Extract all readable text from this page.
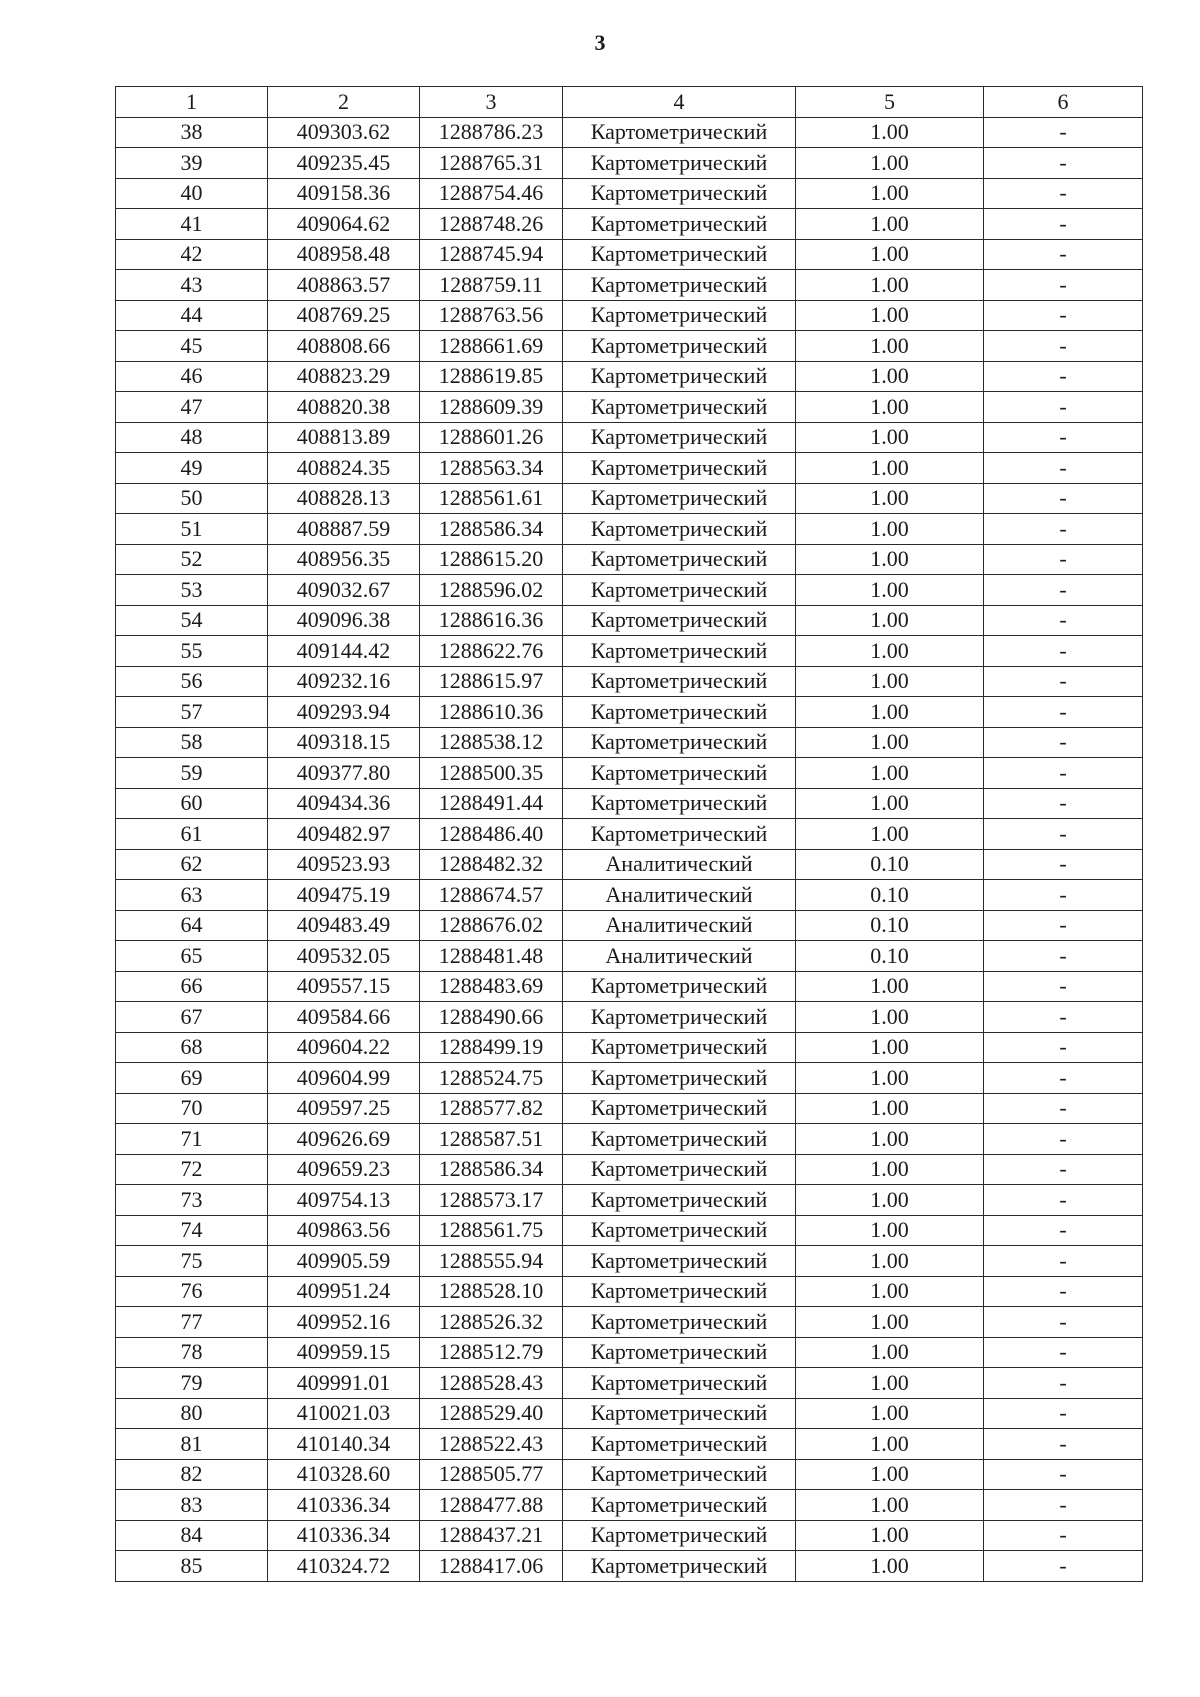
3
1	2	3	4	5	6
38	409303.62	1288786.23	Картометрический	1.00	-
39	409235.45	1288765.31	Картометрический	1.00	-
40	409158.36	1288754.46	Картометрический	1.00	-
41	409064.62	1288748.26	Картометрический	1.00	-
42	408958.48	1288745.94	Картометрический	1.00	-
43	408863.57	1288759.11	Картометрический	1.00	-
44	408769.25	1288763.56	Картометрический	1.00	-
45	408808.66	1288661.69	Картометрический	1.00	-
46	408823.29	1288619.85	Картометрический	1.00	-
47	408820.38	1288609.39	Картометрический	1.00	-
48	408813.89	1288601.26	Картометрический	1.00	-
49	408824.35	1288563.34	Картометрический	1.00	-
50	408828.13	1288561.61	Картометрический	1.00	-
51	408887.59	1288586.34	Картометрический	1.00	-
52	408956.35	1288615.20	Картометрический	1.00	-
53	409032.67	1288596.02	Картометрический	1.00	-
54	409096.38	1288616.36	Картометрический	1.00	-
55	409144.42	1288622.76	Картометрический	1.00	-
56	409232.16	1288615.97	Картометрический	1.00	-
57	409293.94	1288610.36	Картометрический	1.00	-
58	409318.15	1288538.12	Картометрический	1.00	-
59	409377.80	1288500.35	Картометрический	1.00	-
60	409434.36	1288491.44	Картометрический	1.00	-
61	409482.97	1288486.40	Картометрический	1.00	-
62	409523.93	1288482.32	Аналитический	0.10	-
63	409475.19	1288674.57	Аналитический	0.10	-
64	409483.49	1288676.02	Аналитический	0.10	-
65	409532.05	1288481.48	Аналитический	0.10	-
66	409557.15	1288483.69	Картометрический	1.00	-
67	409584.66	1288490.66	Картометрический	1.00	-
68	409604.22	1288499.19	Картометрический	1.00	-
69	409604.99	1288524.75	Картометрический	1.00	-
70	409597.25	1288577.82	Картометрический	1.00	-
71	409626.69	1288587.51	Картометрический	1.00	-
72	409659.23	1288586.34	Картометрический	1.00	-
73	409754.13	1288573.17	Картометрический	1.00	-
74	409863.56	1288561.75	Картометрический	1.00	-
75	409905.59	1288555.94	Картометрический	1.00	-
76	409951.24	1288528.10	Картометрический	1.00	-
77	409952.16	1288526.32	Картометрический	1.00	-
78	409959.15	1288512.79	Картометрический	1.00	-
79	409991.01	1288528.43	Картометрический	1.00	-
80	410021.03	1288529.40	Картометрический	1.00	-
81	410140.34	1288522.43	Картометрический	1.00	-
82	410328.60	1288505.77	Картометрический	1.00	-
83	410336.34	1288477.88	Картометрический	1.00	-
84	410336.34	1288437.21	Картометрический	1.00	-
85	410324.72	1288417.06	Картометрический	1.00	-
